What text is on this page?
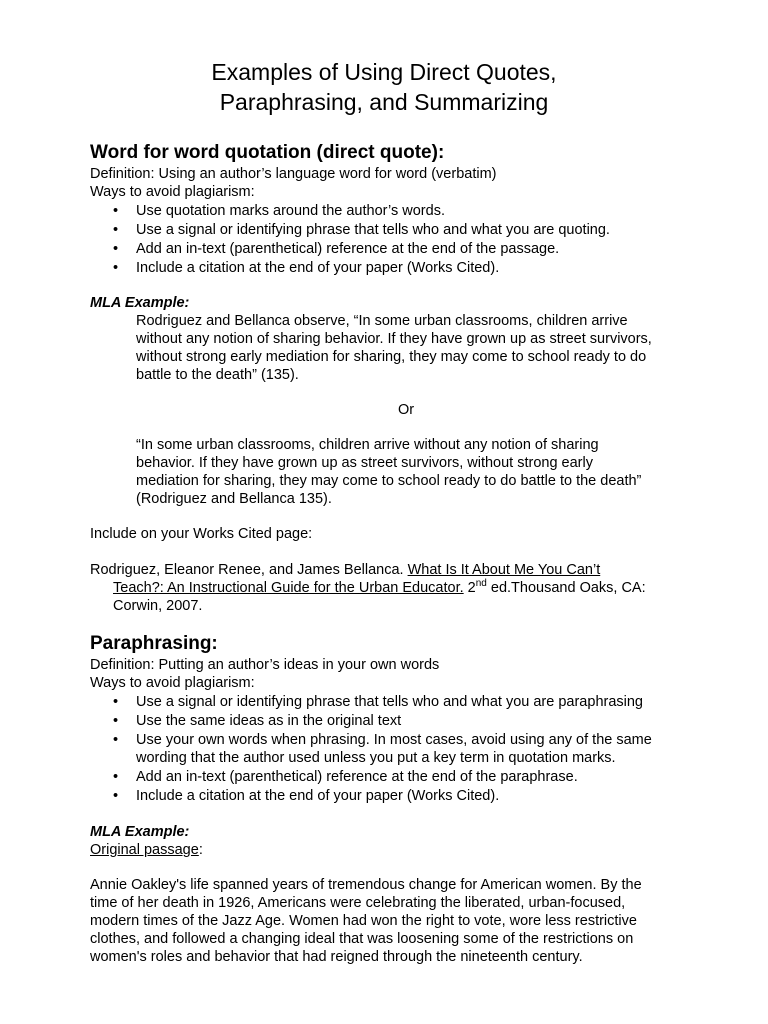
Examples of Using Direct Quotes,
Paraphrasing, and Summarizing
Word for word quotation (direct quote):

Definition: Using an author’s language word for word (verbatim)

Ways to avoid plagiarism:

• Use quotation marks around the author’s words.
• Use a signal or identifying phrase that tells who and what you are quoting.
• Add an in-text (parenthetical) reference at the end of the passage.
• Include a citation at the end of your paper (Works Cited).

MLA Example:

Rodriguez and Bellanca observe, “In some urban classrooms, children arrive

without any notion of sharing behavior. If they have grown up as street survivors,

without strong early mediation for sharing, they may come to school ready to do

battle to the death” (135).

Or

“In some urban classrooms, children arrive without any notion of sharing

behavior. If they have grown up as street survivors, without strong early

mediation for sharing, they may come to school ready to do battle to the death”

(Rodriguez and Bellanca 135).

Include on your Works Cited page:

Rodriguez, Eleanor Renee, and James Bellanca. What Is It About Me You Can’t

Teach?: An Instructional Guide for the Urban Educator. 2nd ed.Thousand Oaks, CA:

Corwin, 2007.

Paraphrasing:

Definition: Putting an author’s ideas in your own words

Ways to avoid plagiarism:

• Use a signal or identifying phrase that tells who and what you are paraphrasing
• Use the same ideas as in the original text
• Use your own words when phrasing. In most cases, avoid using any of the same
wording that the author used unless you put a key term in quotation marks.
• Add an in-text (parenthetical) reference at the end of the paraphrase.
• Include a citation at the end of your paper (Works Cited).

MLA Example:

Original passage:

Annie Oakley's life spanned years of tremendous change for American women. By the

time of her death in 1926, Americans were celebrating the liberated, urban-focused,

modern times of the Jazz Age. Women had won the right to vote, wore less restrictive

clothes, and followed a changing ideal that was loosening some of the restrictions on

women's roles and behavior that had reigned through the nineteenth century.
